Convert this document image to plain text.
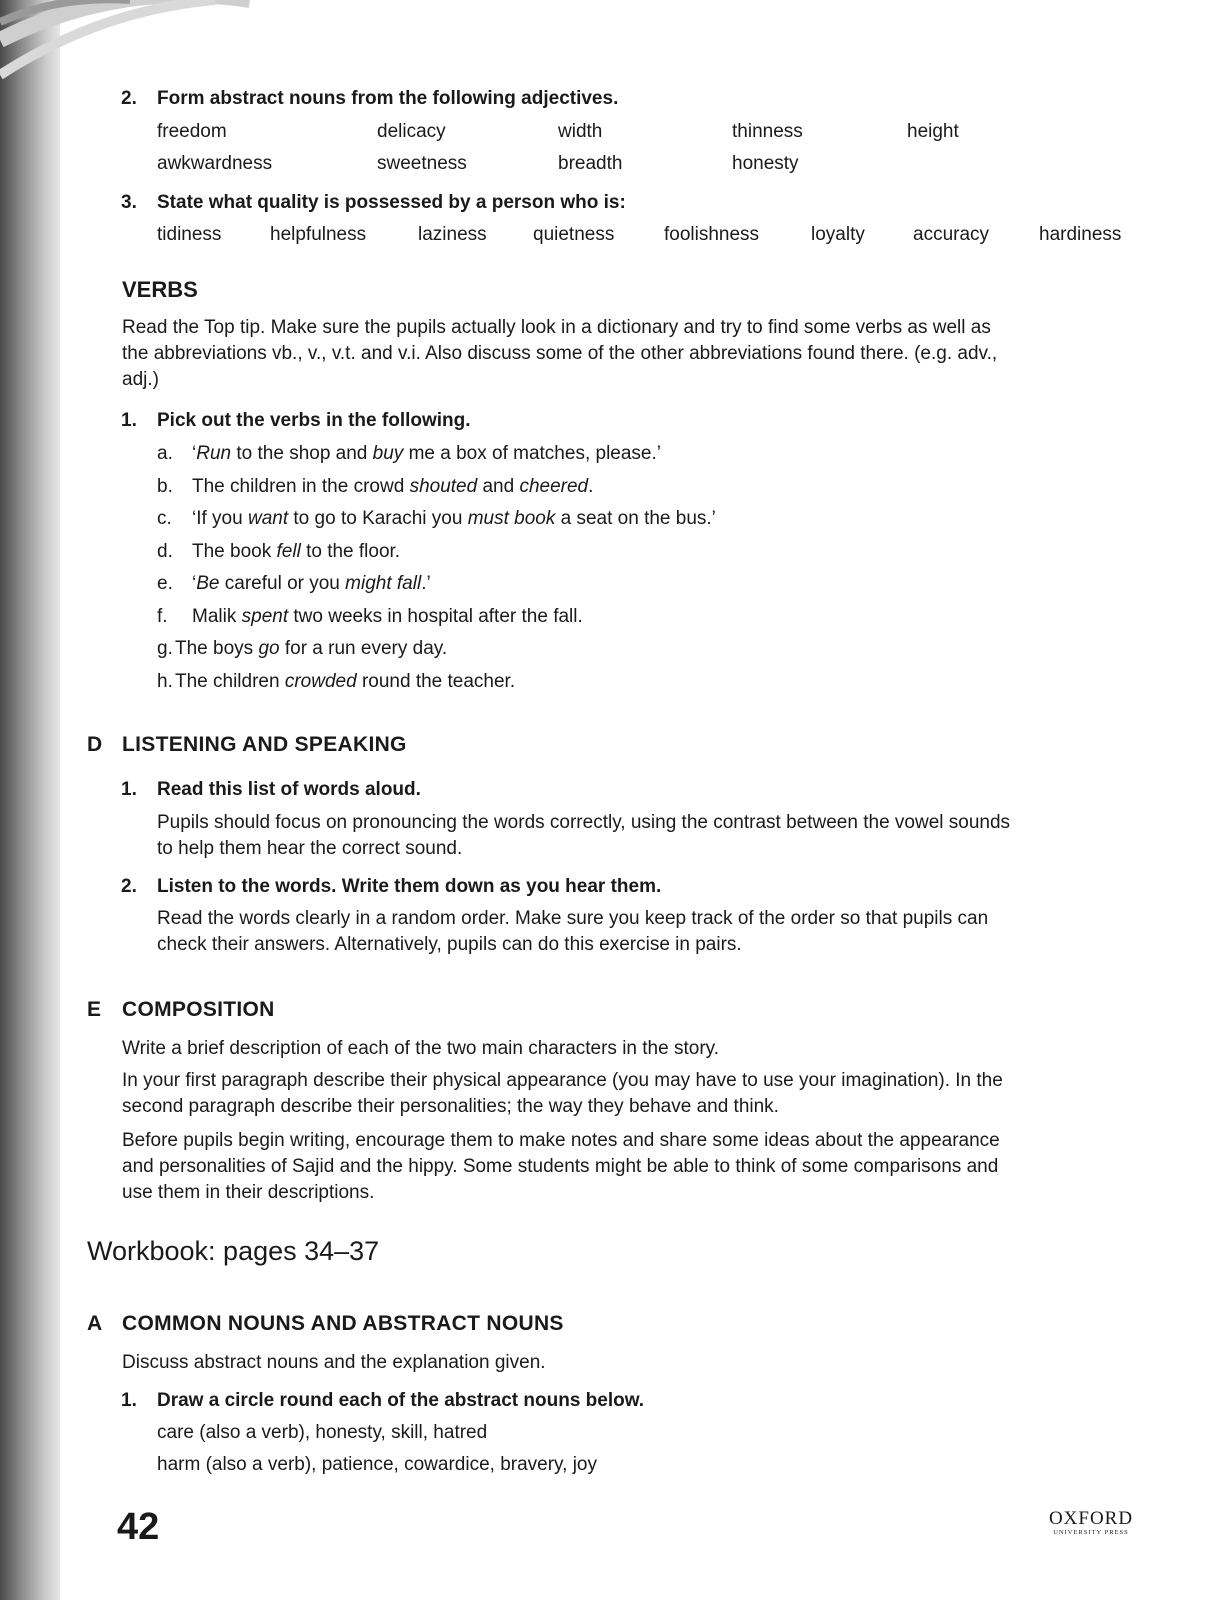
2. Form abstract nouns from the following adjectives.
freedom	delicacy	width	thinness	height
awkwardness	sweetness	breadth	honesty
3. State what quality is possessed by a person who is:
tidiness	helpfulness	laziness quietness	foolishness	loyalty	accuracy	hardiness
VERBS
Read the Top tip. Make sure the pupils actually look in a dictionary and try to find some verbs as well as
the abbreviations vb., v., v.t. and v.i. Also discuss some of the other abbreviations found there. (e.g. adv.,
adj.)
1. Pick out the verbs in the following.
a. ‘Run to the shop and buy me a box of matches, please.’
b. The children in the crowd shouted and cheered.
c. ‘If you want to go to Karachi you must book a seat on the bus.’
d. The book fell to the floor.
e. ‘Be careful or you might fall.’
f. Malik spent two weeks in hospital after the fall.
g. The boys go for a run every day.
h. The children crowded round the teacher.
D LISTENING AND SPEAKING
1. Read this list of words aloud.
Pupils should focus on pronouncing the words correctly, using the contrast between the vowel sounds
to help them hear the correct sound.
2. Listen to the words. Write them down as you hear them.
Read the words clearly in a random order. Make sure you keep track of the order so that pupils can
check their answers. Alternatively, pupils can do this exercise in pairs.
E COMPOSITION
Write a brief description of each of the two main characters in the story.
In your first paragraph describe their physical appearance (you may have to use your imagination). In the
second paragraph describe their personalities; the way they behave and think.
Before pupils begin writing, encourage them to make notes and share some ideas about the appearance
and personalities of Sajid and the hippy. Some students might be able to think of some comparisons and
use them in their descriptions.
Workbook: pages 34–37
A COMMON NOUNS AND ABSTRACT NOUNS
Discuss abstract nouns and the explanation given.
1. Draw a circle round each of the abstract nouns below.
care (also a verb), honesty, skill, hatred
harm (also a verb), patience, cowardice, bravery, joy
42	OXFORD
UNIVERSITY PRESS
